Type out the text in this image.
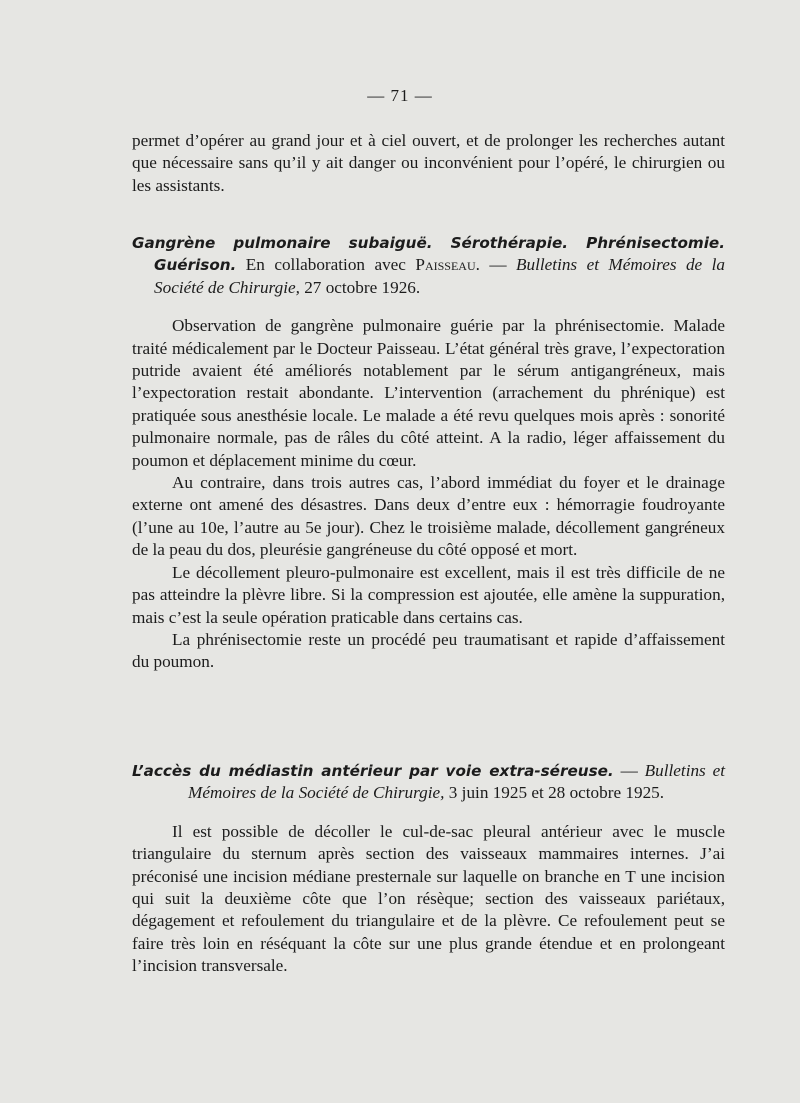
— 71 —

permet d’opérer au grand jour et à ciel ouvert, et de prolonger les recherches autant que nécessaire sans qu’il y ait danger ou inconvénient pour l’opéré, le chirurgien ou les assistants.

Gangrène pulmonaire subaiguë. Sérothérapie. Phrénisectomie. Guérison. En collaboration avec Paisseau. — Bulletins et Mémoires de la Société de Chirurgie, 27 octobre 1926.

Observation de gangrène pulmonaire guérie par la phrénisectomie. Malade traité médicalement par le Docteur Paisseau. L’état général très grave, l’expectoration putride avaient été améliorés notablement par le sérum antigangréneux, mais l’expectoration restait abondante. L’intervention (arrachement du phrénique) est pratiquée sous anesthésie locale. Le malade a été revu quelques mois après : sonorité pulmonaire normale, pas de râles du côté atteint. A la radio, léger affaissement du poumon et déplacement minime du cœur.

Au contraire, dans trois autres cas, l’abord immédiat du foyer et le drainage externe ont amené des désastres. Dans deux d’entre eux : hémorragie foudroyante (l’une au 10e, l’autre au 5e jour). Chez le troisième malade, décollement gangréneux de la peau du dos, pleurésie gangréneuse du côté opposé et mort.

Le décollement pleuro-pulmonaire est excellent, mais il est très difficile de ne pas atteindre la plèvre libre. Si la compression est ajoutée, elle amène la suppuration, mais c’est la seule opération praticable dans certains cas.

La phrénisectomie reste un procédé peu traumatisant et rapide d’affaissement du poumon.

L’accès du médiastin antérieur par voie extra-séreuse. — Bulletins et Mémoires de la Société de Chirurgie, 3 juin 1925 et 28 octobre 1925.

Il est possible de décoller le cul-de-sac pleural antérieur avec le muscle triangulaire du sternum après section des vaisseaux mammaires internes. J’ai préconisé une incision médiane presternale sur laquelle on branche en T une incision qui suit la deuxième côte que l’on résèque; section des vaisseaux pariétaux, dégagement et refoulement du triangulaire et de la plèvre. Ce refoulement peut se faire très loin en réséquant la côte sur une plus grande étendue et en prolongeant l’incision transversale.
